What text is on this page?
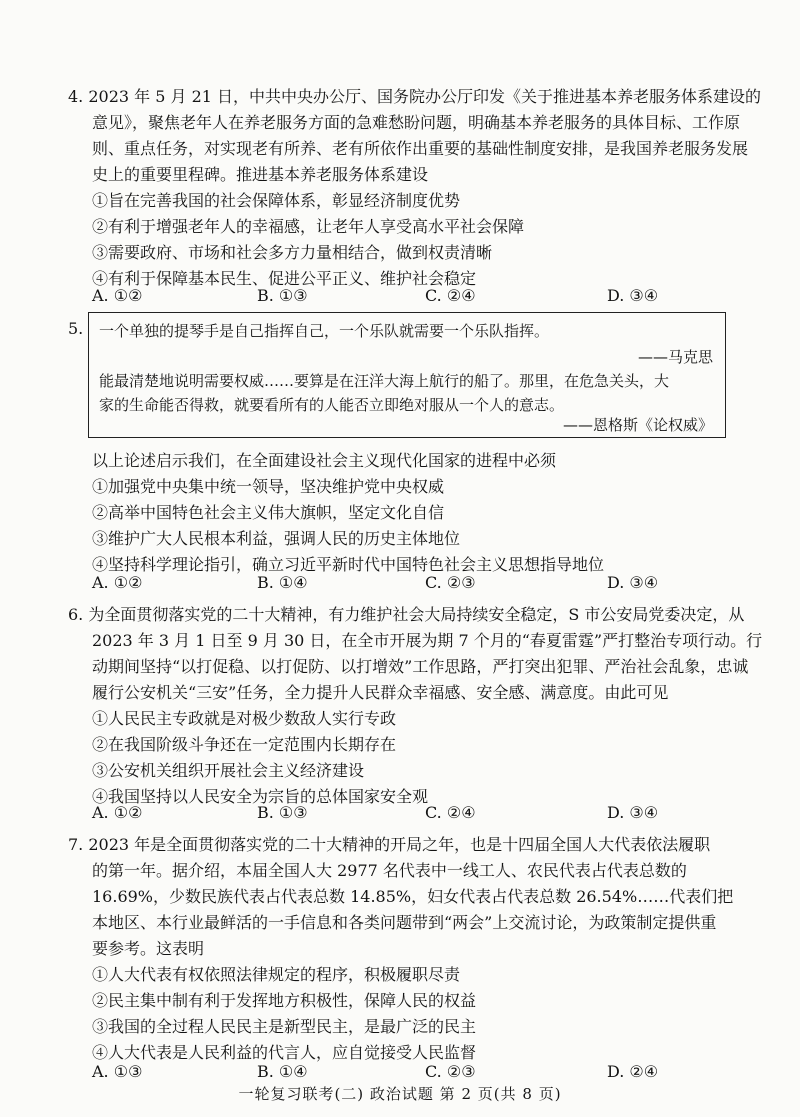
4. 2023 年 5 月 21 日，中共中央办公厅、国务院办公厅印发《关于推进基本养老服务体系建设的
意见》，聚焦老年人在养老服务方面的急难愁盼问题，明确基本养老服务的具体目标、工作原
则、重点任务，对实现老有所养、老有所依作出重要的基础性制度安排，是我国养老服务发展
史上的重要里程碑。推进基本养老服务体系建设
①旨在完善我国的社会保障体系，彰显经济制度优势
②有利于增强老年人的幸福感，让老年人享受高水平社会保障
③需要政府、市场和社会多方力量相结合，做到权责清晰
④有利于保障基本民生、促进公平正义、维护社会稳定
A. ①②	B. ①③	C. ②④	D. ③④
5. 一个单独的提琴手是自己指挥自己，一个乐队就需要一个乐队指挥。
——马克思
能最清楚地说明需要权威……要算是在汪洋大海上航行的船了。那里，在危急关头，大
家的生命能否得救，就要看所有的人能否立即绝对服从一个人的意志。
——恩格斯《论权威》
以上论述启示我们，在全面建设社会主义现代化国家的进程中必须
①加强党中央集中统一领导，坚决维护党中央权威
②高举中国特色社会主义伟大旗帜，坚定文化自信
③维护广大人民根本利益，强调人民的历史主体地位
④坚持科学理论指引，确立习近平新时代中国特色社会主义思想指导地位
A. ①②	B. ①④	C. ②③	D. ③④
6. 为全面贯彻落实党的二十大精神，有力维护社会大局持续安全稳定，S 市公安局党委决定，从
2023 年 3 月 1 日至 9 月 30 日，在全市开展为期 7 个月的“春夏雷霆”严打整治专项行动。行
动期间坚持“以打促稳、以打促防、以打增效”工作思路，严打突出犯罪、严治社会乱象，忠诚
履行公安机关“三安”任务，全力提升人民群众幸福感、安全感、满意度。由此可见
①人民民主专政就是对极少数敌人实行专政
②在我国阶级斗争还在一定范围内长期存在
③公安机关组织开展社会主义经济建设
④我国坚持以人民安全为宗旨的总体国家安全观
A. ①②	B. ①③	C. ②④	D. ③④
7. 2023 年是全面贯彻落实党的二十大精神的开局之年，也是十四届全国人大代表依法履职
的第一年。据介绍，本届全国人大 2977 名代表中一线工人、农民代表占代表总数的
16.69%，少数民族代表占代表总数 14.85%，妇女代表占代表总数 26.54%……代表们把
本地区、本行业最鲜活的一手信息和各类问题带到“两会”上交流讨论，为政策制定提供重
要参考。这表明
①人大代表有权依照法律规定的程序，积极履职尽责
②民主集中制有利于发挥地方积极性，保障人民的权益
③我国的全过程人民民主是新型民主，是最广泛的民主
④人大代表是人民利益的代言人，应自觉接受人民监督
A. ①③	B. ①④	C. ②③	D. ②④
一轮复习联考(二) 政治试题 第 2 页(共 8 页)
